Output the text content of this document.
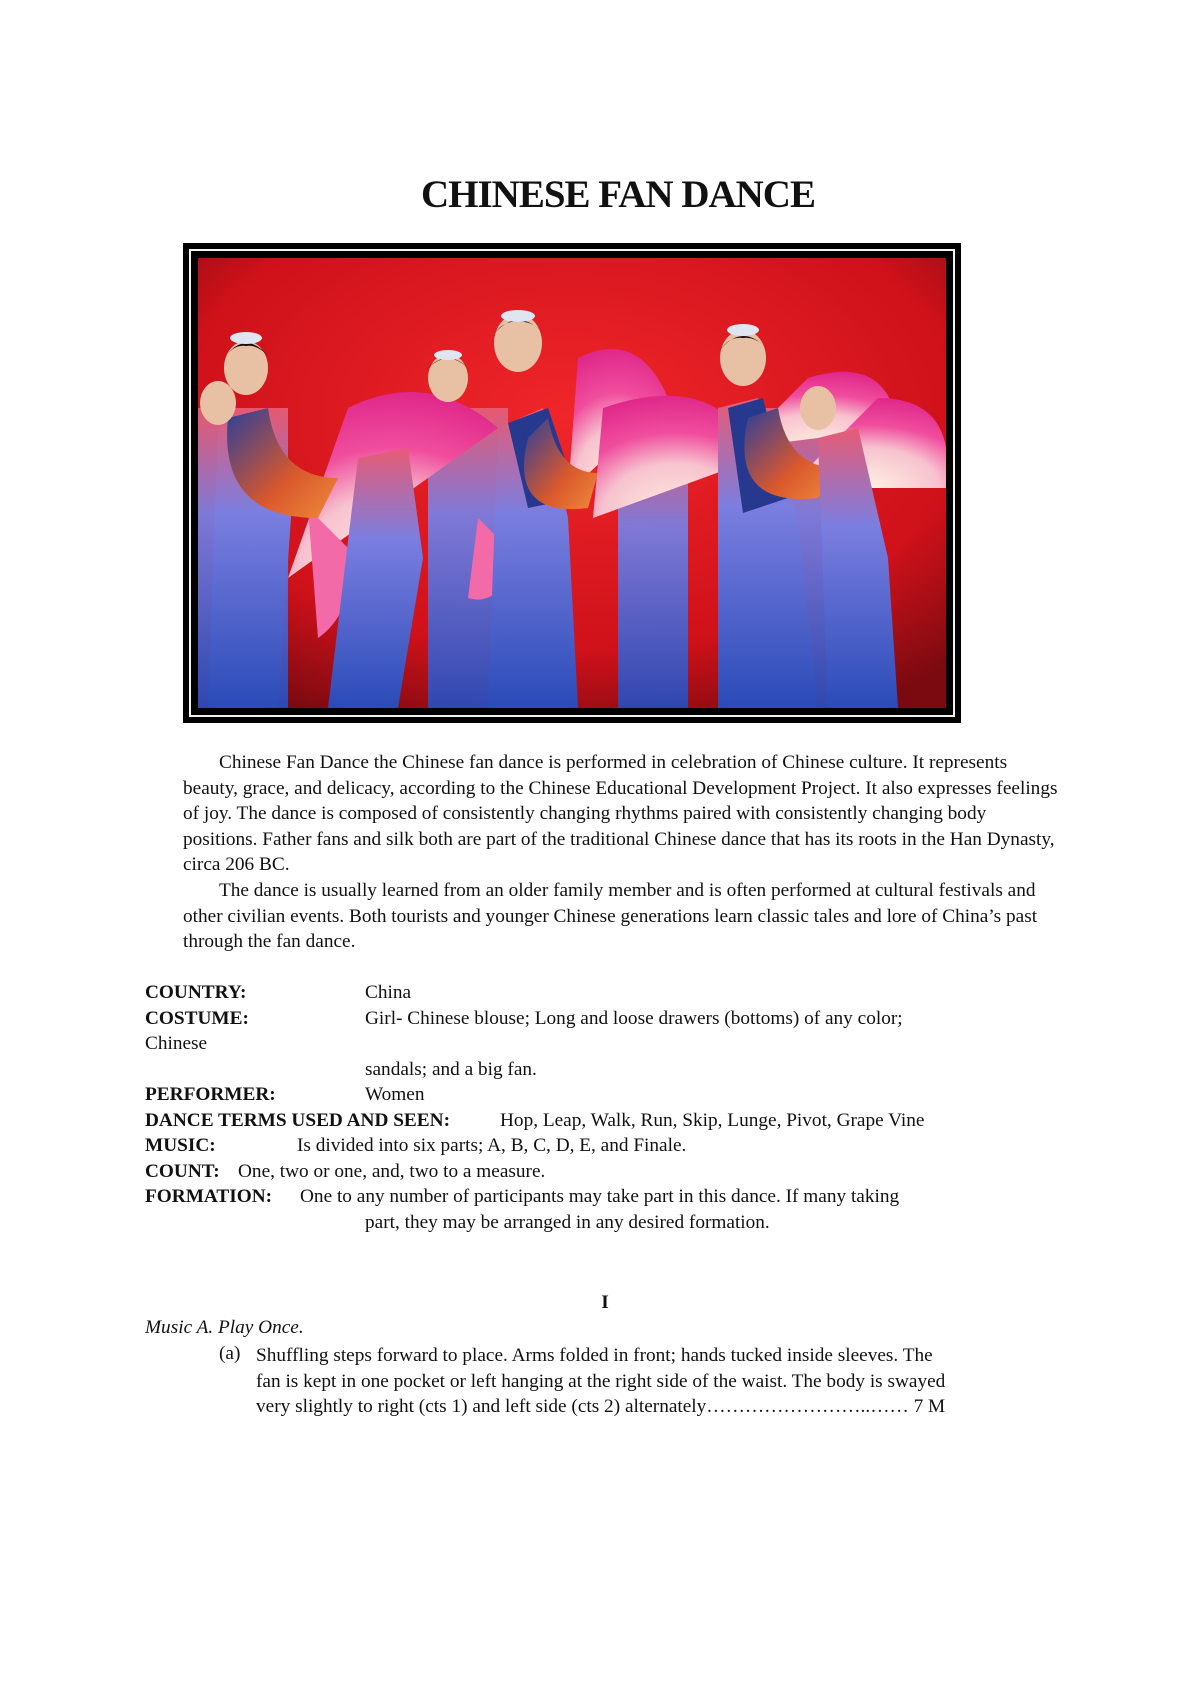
CHINESE FAN DANCE

Chinese Fan Dance the Chinese fan dance is performed in celebration of Chinese culture. It represents beauty, grace, and delicacy, according to the Chinese Educational Development Project. It also expresses feelings of joy. The dance is composed of consistently changing rhythms paired with consistently changing body positions. Father fans and silk both are part of the traditional Chinese dance that has its roots in the Han Dynasty, circa 206 BC.

The dance is usually learned from an older family member and is often performed at cultural festivals and other civilian events. Both tourists and younger Chinese generations learn classic tales and lore of China’s past through the fan dance.

COUNTRY:	China
COSTUME:	Girl- Chinese blouse; Long and loose drawers (bottoms) of any color;
Chinese
sandals; and a big fan.
PERFORMER:	Women
DANCE TERMS USED AND SEEN:	Hop, Leap, Walk, Run, Skip, Lunge, Pivot, Grape Vine
MUSIC:	Is divided into six parts; A, B, C, D, E, and Finale.
COUNT: One, two or one, and, two to a measure.
FORMATION: One to any number of participants may take part in this dance. If many taking
part, they may be arranged in any desired formation.
I
Music A. Play Once.
(a) Shuffling steps forward to place. Arms folded in front; hands tucked inside sleeves. The
fan is kept in one pocket or left hanging at the right side of the waist. The body is swayed
very slightly to right (cts 1) and left side (cts 2) alternately……………………..…… 7 M
